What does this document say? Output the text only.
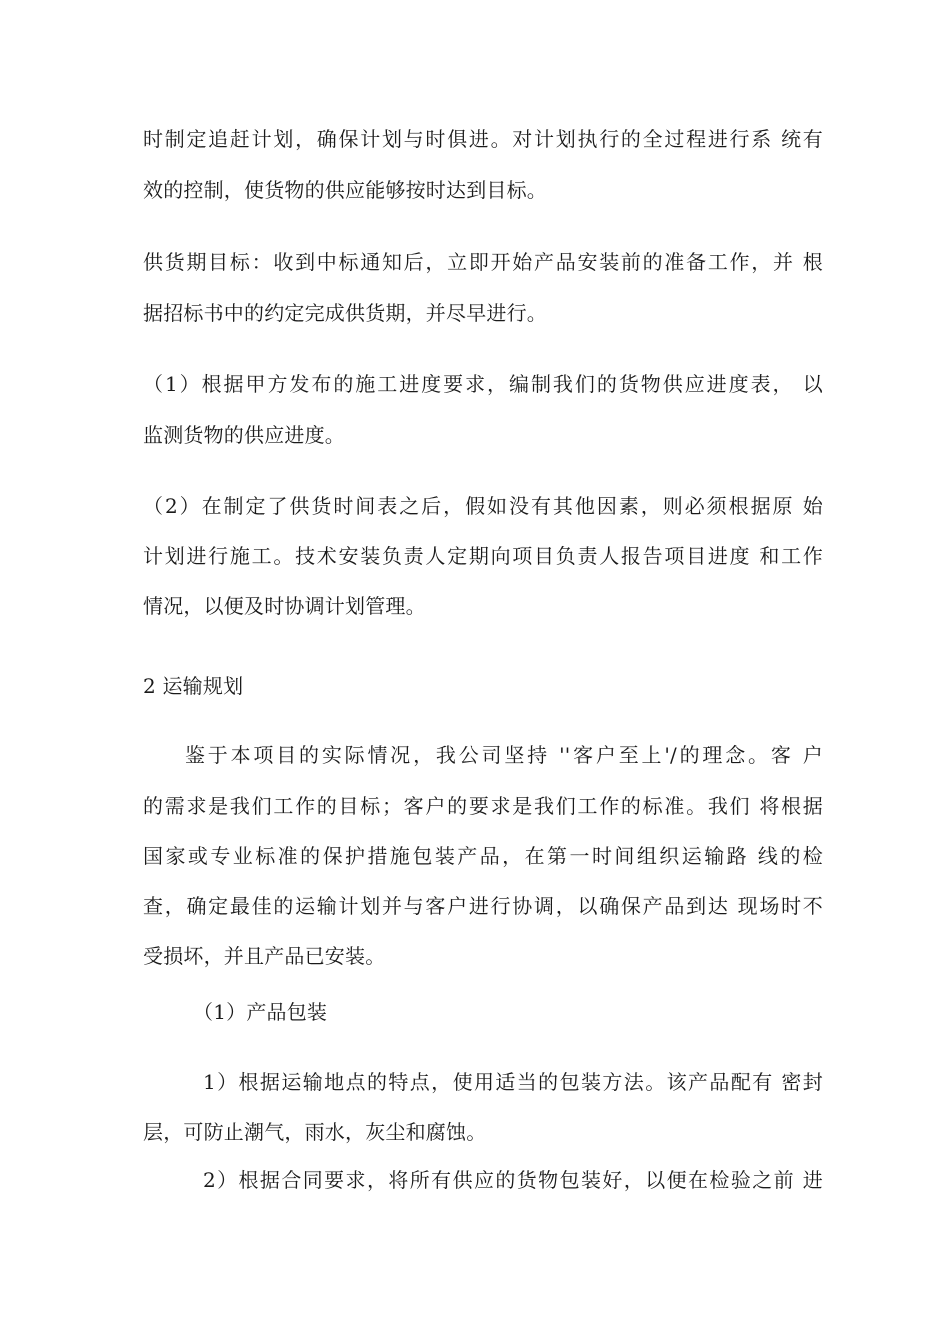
时制定追赶计划，确保计划与时俱进。对计划执行的全过程进行系 统有
效的控制，使货物的供应能够按时达到目标。
供货期目标：收到中标通知后，立即开始产品安装前的准备工作，并 根
据招标书中的约定完成供货期，并尽早进行。
（1）根据甲方发布的施工进度要求，编制我们的货物供应进度表， 以
监测货物的供应进度。
（2）在制定了供货时间表之后，假如没有其他因素，则必须根据原 始
计划进行施工。技术安装负责人定期向项目负责人报告项目进度 和工作
情况，以便及时协调计划管理。
2 运输规划
鉴于本项目的实际情况，我公司坚持 ''客户至上'/的理念。客 户
的需求是我们工作的目标；客户的要求是我们工作的标准。我们 将根据
国家或专业标准的保护措施包装产品，在第一时间组织运输路 线的检
查，确定最佳的运输计划并与客户进行协调，以确保产品到达 现场时不
受损坏，并且产品已安装。
（1）产品包装
1）根据运输地点的特点，使用适当的包装方法。该产品配有 密封
层，可防止潮气，雨水，灰尘和腐蚀。
2）根据合同要求，将所有供应的货物包装好，以便在检验之前 进
